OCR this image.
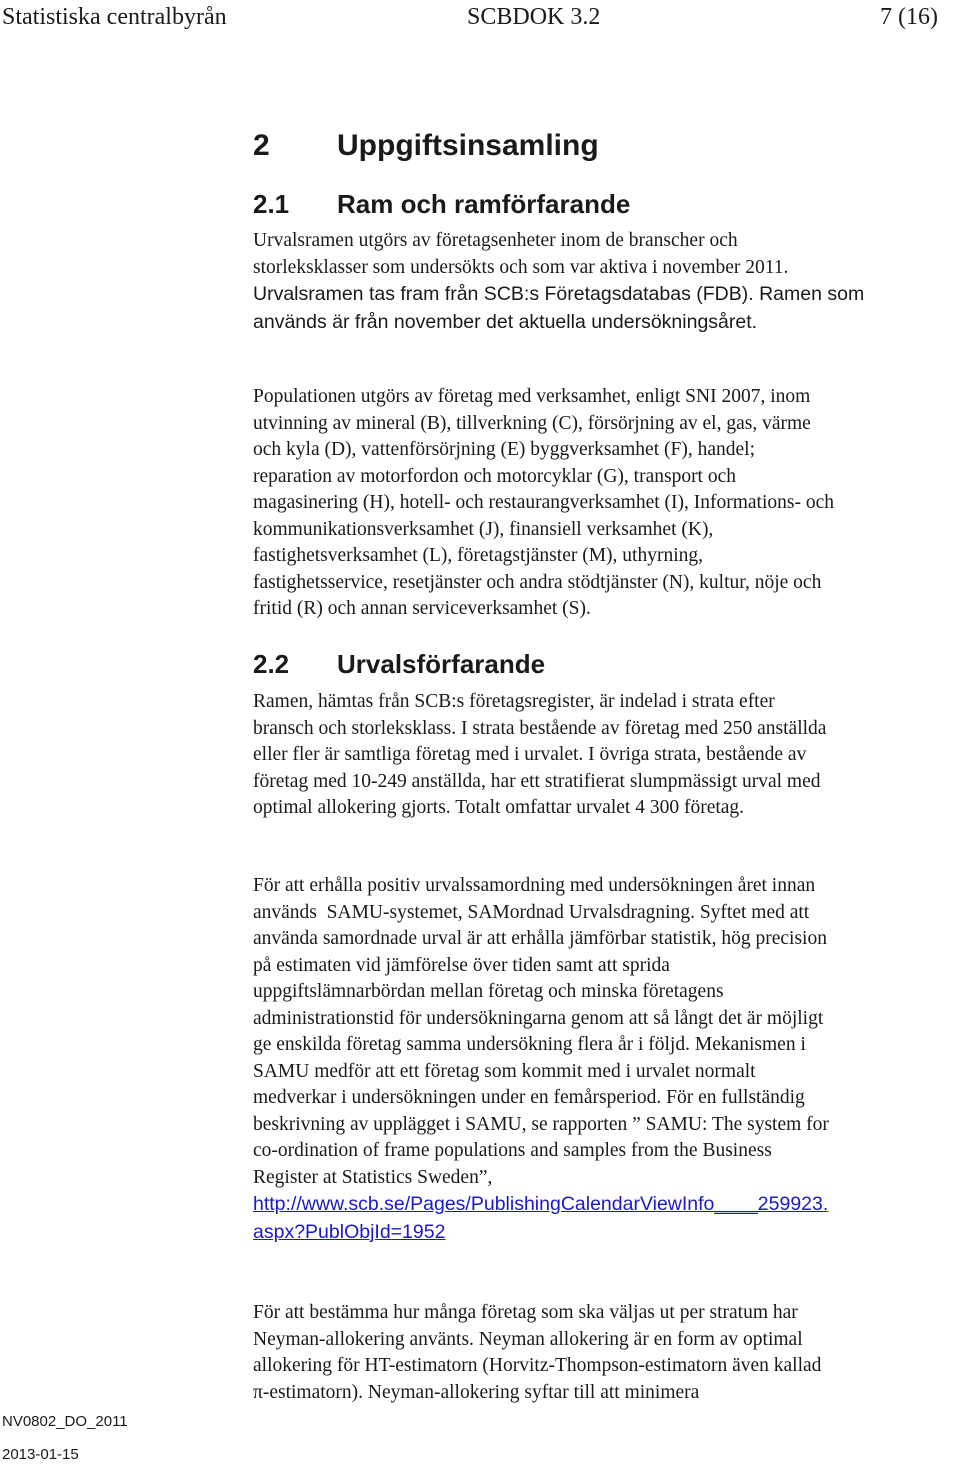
Statistiska centralbyrån	SCBDOK 3.2	7 (16)
2 Uppgiftsinsamling
2.1 Ram och ramförfarande
Urvalsramen utgörs av företagsenheter inom de branscher och
storleksklasser som undersökts och som var aktiva i november 2011.
Urvalsramen tas fram från SCB:s Företagsdatabas (FDB). Ramen som
används är från november det aktuella undersökningsåret.
Populationen utgörs av företag med verksamhet, enligt SNI 2007, inom
utvinning av mineral (B), tillverkning (C), försörjning av el, gas, värme
och kyla (D), vattenförsörjning (E) byggverksamhet (F), handel;
reparation av motorfordon och motorcyklar (G), transport och
magasinering (H), hotell- och restaurangverksamhet (I), Informations- och
kommunikationsverksamhet (J), finansiell verksamhet (K),
fastighetsverksamhet (L), företagstjänster (M), uthyrning,
fastighetsservice, resetjänster och andra stödtjänster (N), kultur, nöje och
fritid (R) och annan serviceverksamhet (S).
2.2 Urvalsförfarande
Ramen, hämtas från SCB:s företagsregister, är indelad i strata efter
bransch och storleksklass. I strata bestående av företag med 250 anställda
eller fler är samtliga företag med i urvalet. I övriga strata, bestående av
företag med 10-249 anställda, har ett stratifierat slumpmässigt urval med
optimal allokering gjorts. Totalt omfattar urvalet 4 300 företag.
För att erhålla positiv urvalssamordning med undersökningen året innan
används  SAMU-systemet, SAMordnad Urvalsdragning. Syftet med att
använda samordnade urval är att erhålla jämförbar statistik, hög precision
på estimaten vid jämförelse över tiden samt att sprida
uppgiftslämnarbördan mellan företag och minska företagens
administrationstid för undersökningarna genom att så långt det är möjligt
ge enskilda företag samma undersökning flera år i följd. Mekanismen i
SAMU medför att ett företag som kommit med i urvalet normalt
medverkar i undersökningen under en femårsperiod. För en fullständig
beskrivning av upplägget i SAMU, se rapporten ” SAMU: The system for
co-ordination of frame populations and samples from the Business
Register at Statistics Sweden”,
http://www.scb.se/Pages/PublishingCalendarViewInfo____259923.
aspx?PublObjId=1952
För att bestämma hur många företag som ska väljas ut per stratum har
Neyman-allokering använts. Neyman allokering är en form av optimal
allokering för HT-estimatorn (Horvitz-Thompson-estimatorn även kallad
π-estimatorn). Neyman-allokering syftar till att minimera
NV0802_DO_2011
2013-01-15
